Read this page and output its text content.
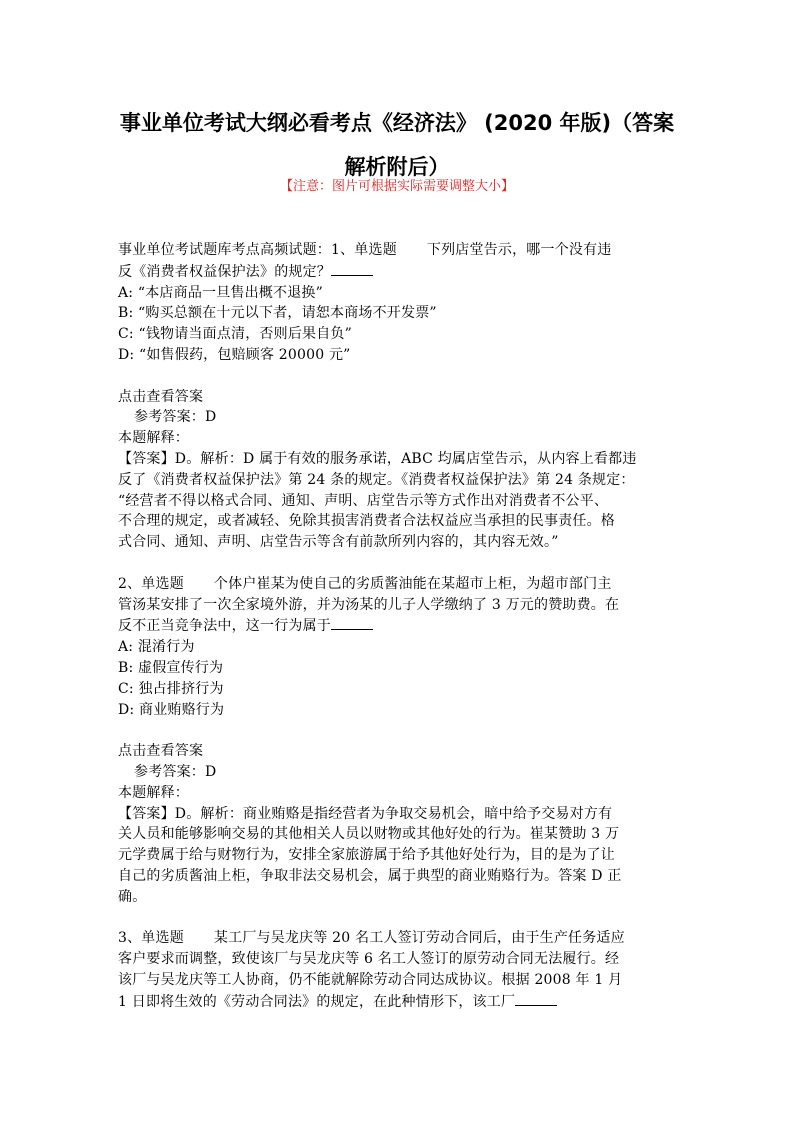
事业单位考试大纲必看考点《经济法》 (2020 年版)（答案
解析附后）
【注意：图片可根据实际需要调整大小】

事业单位考试题库考点高频试题：1、单选题 下列店堂告示，哪一个没有违

反《消费者权益保护法》的规定？

A: “本店商品一旦售出概不退换”

B: “购买总额在十元以下者，请恕本商场不开发票”

C: “钱物请当面点清，否则后果自负”

D: “如售假药，包赔顾客 20000 元”

点击查看答案

参考答案：D

本题解释：

【答案】D。解析：D 属于有效的服务承诺，ABC 均属店堂告示，从内容上看都违

反了《消费者权益保护法》第 24 条的规定。《消费者权益保护法》第 24 条规定：

“经营者不得以格式合同、通知、声明、店堂告示等方式作出对消费者不公平、

不合理的规定，或者减轻、免除其损害消费者合法权益应当承担的民事责任。格

式合同、通知、声明、店堂告示等含有前款所列内容的，其内容无效。”

2、单选题 个体户崔某为使自己的劣质酱油能在某超市上柜，为超市部门主

管汤某安排了一次全家境外游，并为汤某的儿子人学缴纳了 3 万元的赞助费。在

反不正当竞争法中，这一行为属于

A: 混淆行为

B: 虚假宣传行为

C: 独占排挤行为

D: 商业贿赂行为

点击查看答案

参考答案：D

本题解释：

【答案】D。解析：商业贿赂是指经营者为争取交易机会，暗中给予交易对方有

关人员和能够影响交易的其他相关人员以财物或其他好处的行为。崔某赞助 3 万

元学费属于给与财物行为，安排全家旅游属于给予其他好处行为，目的是为了让

自己的劣质酱油上柜，争取非法交易机会，属于典型的商业贿赂行为。答案 D 正

确。

3、单选题 某工厂与吴龙庆等 20 名工人签订劳动合同后，由于生产任务适应

客户要求而调整，致使该厂与吴龙庆等 6 名工人签订的原劳动合同无法履行。经

该厂与吴龙庆等工人协商，仍不能就解除劳动合同达成协议。根据 2008 年 1 月

1 日即将生效的《劳动合同法》的规定，在此种情形下，该工厂
